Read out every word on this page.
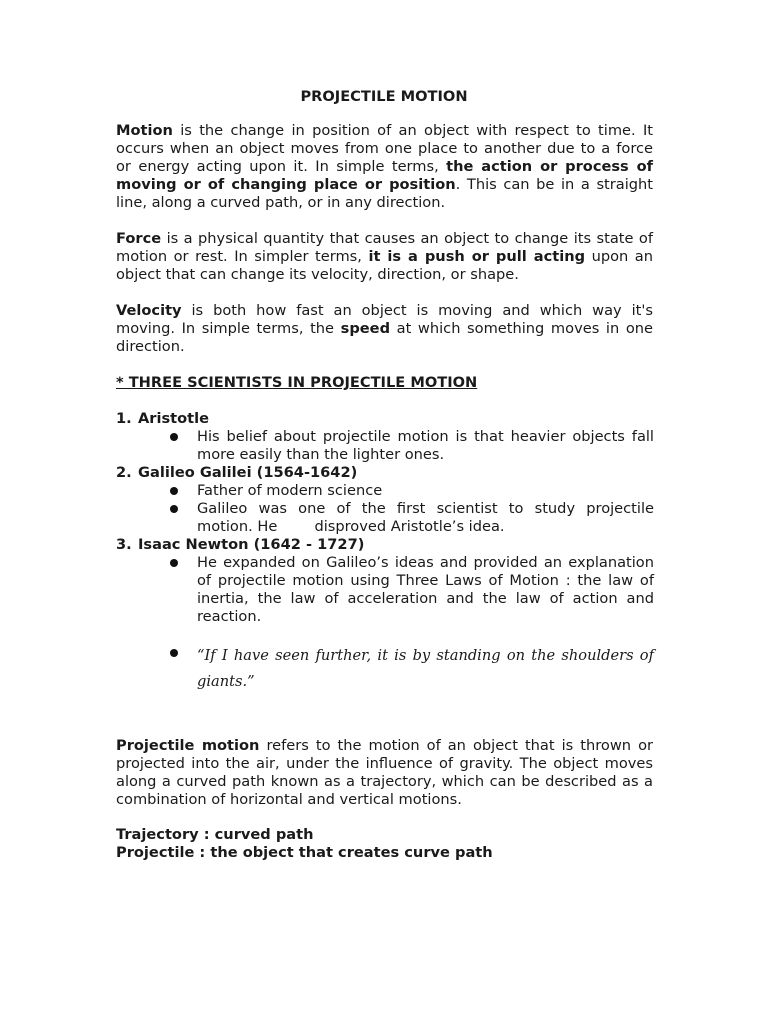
PROJECTILE MOTION

Motion is the change in position of an object with respect to time. It occurs when an object moves from one place to another due to a force or energy acting upon it. In simple terms, the action or process of moving or of changing place or position. This can be in a straight line, along a curved path, or in any direction.

Force is a physical quantity that causes an object to change its state of motion or rest. In simpler terms, it is a push or pull acting upon an object that can change its velocity, direction, or shape.

Velocity is both how fast an object is moving and which way it's moving. In simple terms, the speed at which something moves in one direction.

* THREE SCIENTISTS IN PROJECTILE MOTION
1. Aristotle
His belief about projectile motion is that heavier objects fall more easily than the lighter ones.
2. Galileo Galilei (1564-1642)
Father of modern science
Galileo was one of the first scientist to study projectile motion. He        disproved Aristotle’s idea.
3. Isaac Newton (1642 - 1727)
He expanded on Galileo’s ideas and provided an explanation of projectile motion using Three Laws of Motion : the law of inertia, the law of acceleration and the law of action and reaction.
“If I have seen further, it is by standing on the shoulders of giants.”

Projectile motion refers to the motion of an object that is thrown or projected into the air, under the influence of gravity. The object moves along a curved path known as a trajectory, which can be described as a combination of horizontal and vertical motions.

Trajectory : curved path
Projectile : the object that creates curve path
